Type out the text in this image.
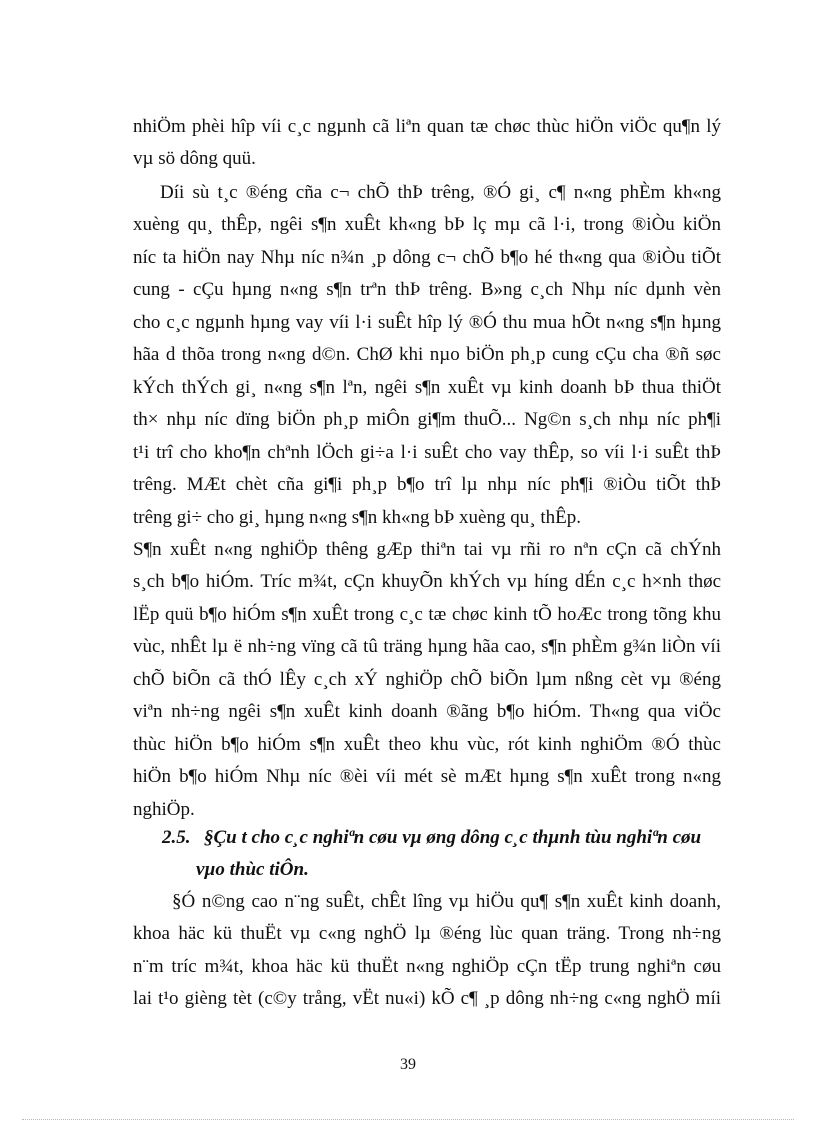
nhiÖm phèi hîp víi c¸c ngµnh cã liªn quan tæ chøc thùc hiÖn viÖc qu¶n lý
vµ sö dông quü.
Díi sù t¸c ®éng cña c¬ chÕ thÞ trêng, ®Ó gi¸ c¶ n«ng phÈm kh«ng
xuèng qu¸ thÊp, ngêi s¶n xuÊt kh«ng bÞ lç mµ cã l·i, trong ®iÒu kiÖn
níc ta hiÖn nay Nhµ níc n¾n ¸p dông c¬ chÕ b¶o hé th«ng qua ®iÒu tiÕt
cung - cÇu hµng n«ng s¶n trªn thÞ trêng. B»ng c¸ch Nhµ níc dµnh vèn
cho c¸c ngµnh hµng vay víi l·i suÊt hîp lý ®Ó thu mua hÕt n«ng s¶n hµng
hãa d thõa trong n«ng d©n. ChØ khi nµo biÖn ph¸p cung cÇu cha ®ñ søc
kÝch thÝch gi¸ n«ng s¶n lªn, ngêi s¶n xuÊt vµ kinh doanh bÞ thua thiÖt
th× nhµ níc dïng biÖn ph¸p miÔn gi¶m thuÕ... Ng©n s¸ch nhµ níc ph¶i
t¹i trî cho kho¶n chªnh lÖch gi÷a l·i suÊt cho vay thÊp, so víi l·i suÊt thÞ
trêng. MÆt chèt cña gi¶i ph¸p b¶o trî lµ nhµ níc ph¶i ®iÒu tiÕt thÞ
trêng gi÷ cho gi¸ hµng n«ng s¶n kh«ng bÞ xuèng qu¸ thÊp.
S¶n xuÊt n«ng nghiÖp thêng gÆp thiªn tai vµ rñi ro nªn cÇn cã chÝnh
s¸ch b¶o hiÓm. Tríc m¾t, cÇn khuyÕn khÝch vµ híng dÉn c¸c h×nh thøc
lËp quü b¶o hiÓm s¶n xuÊt trong c¸c tæ chøc kinh tÕ hoÆc trong tõng khu
vùc, nhÊt lµ ë nh÷ng vïng cã tû träng hµng hãa cao, s¶n phÈm g¾n liÒn víi
chÕ biÕn cã thÓ lÊy c¸ch xÝ nghiÖp chÕ biÕn lµm nßng cèt vµ ®éng
viªn nh÷ng ngêi s¶n xuÊt kinh doanh ®ãng b¶o hiÓm. Th«ng qua viÖc
thùc hiÖn b¶o hiÓm s¶n xuÊt theo khu vùc, rót kinh nghiÖm ®Ó thùc
hiÖn b¶o hiÓm Nhµ níc ®èi víi mét sè mÆt hµng s¶n xuÊt trong n«ng
nghiÖp.
2.5. §Çu t cho c¸c nghiªn cøu vµ øng dông c¸c thµnh tùu nghiªn cøu
vµo thùc tiÔn.
§Ó n©ng cao n¨ng suÊt, chÊt lîng vµ hiÖu qu¶ s¶n xuÊt kinh doanh,
khoa häc kü thuËt vµ c«ng nghÖ lµ ®éng lùc quan träng. Trong nh÷ng
n¨m tríc m¾t, khoa häc kü thuËt n«ng nghiÖp cÇn tËp trung nghiªn cøu
lai t¹o gièng tèt (c©y trång, vËt nu«i) kÕ c¶ ¸p dông nh÷ng c«ng nghÖ míi
39
